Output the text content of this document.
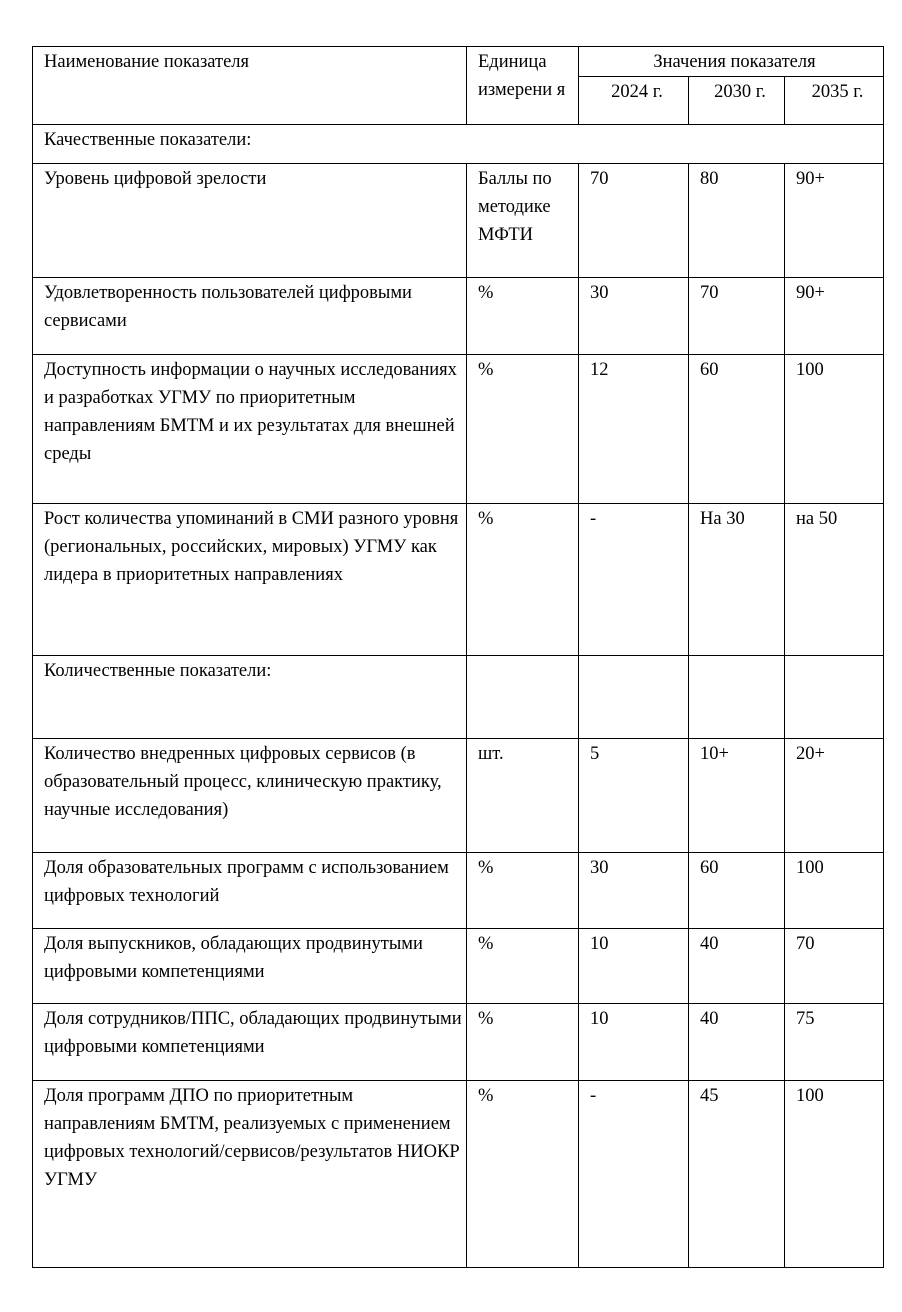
Наименование показателя	Единица измерени я	Значения показателя		
		2024 г.	2030 г.	2035 г.
Качественные показатели:				
Уровень цифровой зрелости	Баллы по методике МФТИ	70	80	90+
Удовлетворенность пользователей цифровыми сервисами	%	30	70	90+
Доступность информации о научных исследованиях и разработках УГМУ по приоритетным направлениям БМТМ и их результатах для внешней среды	%	12	60	100
Рост количества упоминаний в СМИ разного уровня (региональных, российских, мировых) УГМУ как лидера в приоритетных направлениях	%	-	На 30	на 50
Количественные показатели:				
Количество внедренных цифровых сервисов (в образовательный процесс, клиническую практику, научные исследования)	шт.	5	10+	20+
Доля образовательных программ с использованием цифровых технологий	%	30	60	100
Доля выпускников, обладающих продвинутыми цифровыми компетенциями	%	10	40	70
Доля сотрудников/ППС, обладающих продвинутыми цифровыми компетенциями	%	10	40	75
Доля программ ДПО по приоритетным направлениям БМТМ, реализуемых с применением цифровых технологий/сервисов/результатов НИОКР УГМУ	%	-	45	100
